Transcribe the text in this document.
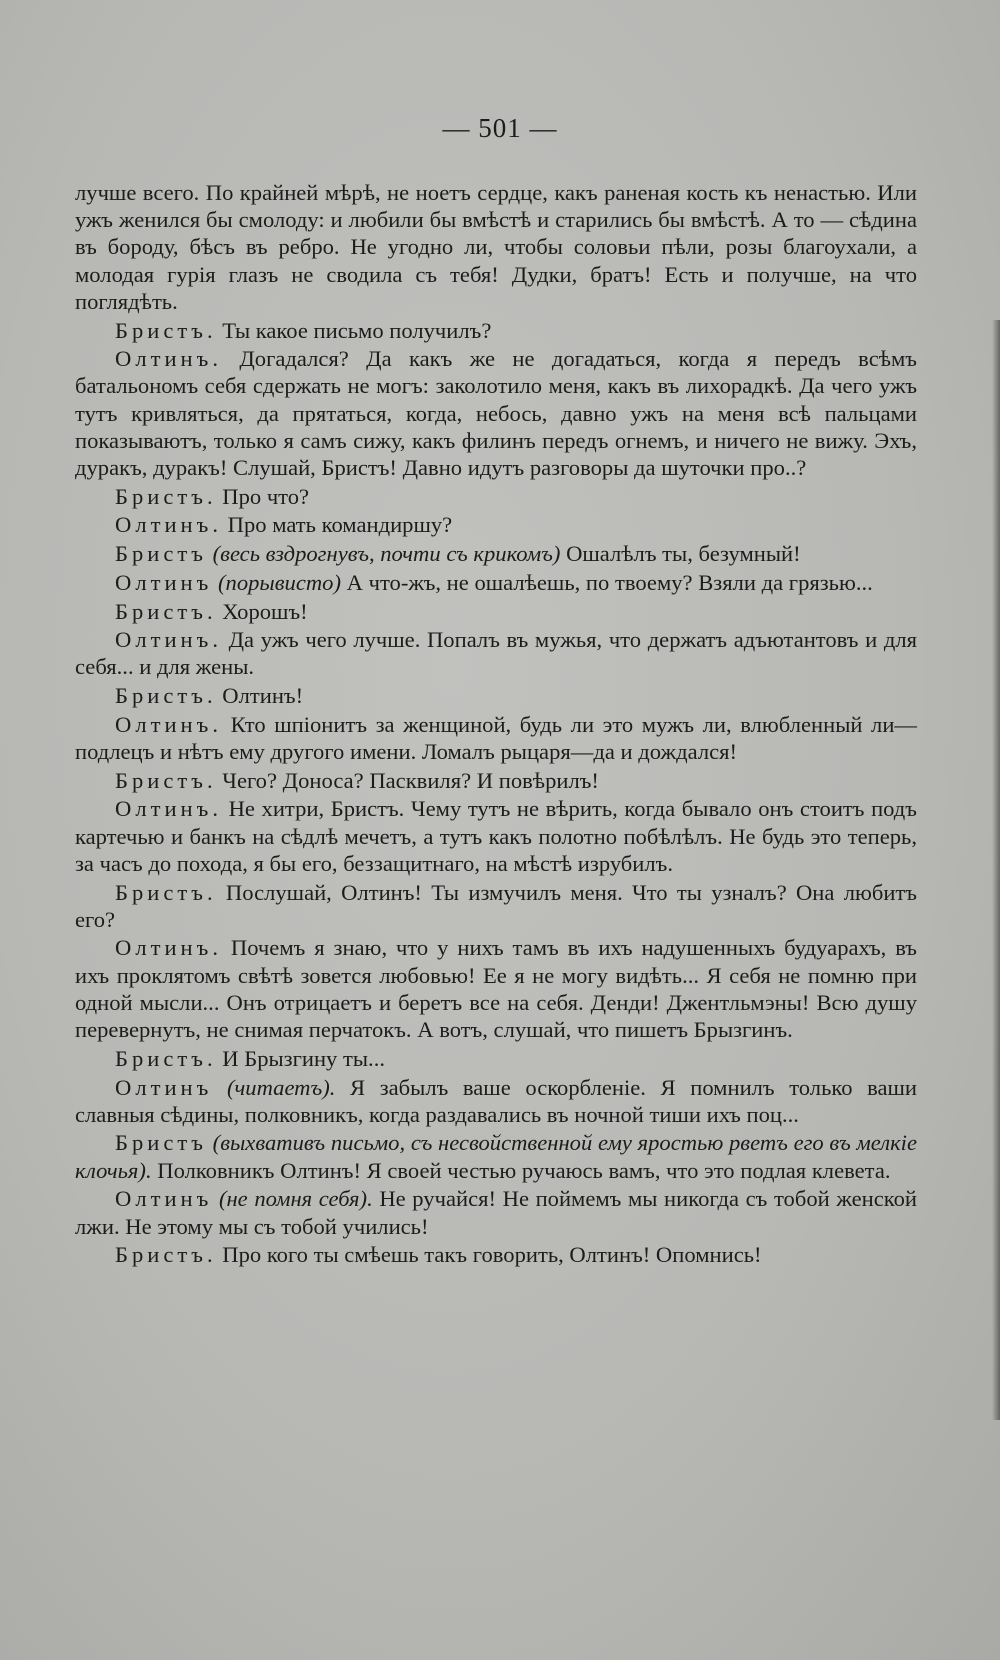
— 501 —

лучше всего. По крайней мѣрѣ, не ноетъ сердце, какъ раненая кость къ ненастью. Или ужъ женился бы смолоду: и любили бы вмѣстѣ и старились бы вмѣстѣ. А то — сѣдина въ бороду, бѣсъ въ ребро. Не угодно ли, чтобы соловьи пѣли, розы благоухали, а молодая гурія глазъ не сводила съ тебя! Дудки, братъ! Есть и получше, на что поглядѣть.

Бристъ. Ты какое письмо получилъ?

Олтинъ. Догадался? Да какъ же не догадаться, когда я передъ всѣмъ батальономъ себя сдержать не могъ: заколотило меня, какъ въ лихорадкѣ. Да чего ужъ тутъ кривляться, да прятаться, когда, небось, давно ужъ на меня всѣ пальцами показываютъ, только я самъ сижу, какъ филинъ передъ огнемъ, и ничего не вижу. Эхъ, дуракъ, дуракъ! Слушай, Бристъ! Давно идутъ разговоры да шуточки про..?

Бристъ. Про что?

Олтинъ. Про мать командиршу?

Бристъ (весь вздрогнувъ, почти съ крикомъ) Ошалѣлъ ты, безумный!

Олтинъ (порывисто) А что-жъ, не ошалѣешь, по твоему? Взяли да грязью...

Бристъ. Хорошъ!

Олтинъ. Да ужъ чего лучше. Попалъ въ мужья, что держатъ адъютантовъ и для себя... и для жены.

Бристъ. Олтинъ!

Олтинъ. Кто шпіонитъ за женщиной, будь ли это мужъ ли, влюбленный ли—подлецъ и нѣтъ ему другого имени. Ломалъ рыцаря—да и дождался!

Бристъ. Чего? Доноса? Пасквиля? И повѣрилъ!

Олтинъ. Не хитри, Бристъ. Чему тутъ не вѣрить, когда бывало онъ стоитъ подъ картечью и банкъ на сѣдлѣ мечетъ, а тутъ какъ полотно побѣлѣлъ. Не будь это теперь, за часъ до похода, я бы его, беззащитнаго, на мѣстѣ изрубилъ.

Бристъ. Послушай, Олтинъ! Ты измучилъ меня. Что ты узналъ? Она любитъ его?

Олтинъ. Почемъ я знаю, что у нихъ тамъ въ ихъ надушенныхъ будуарахъ, въ ихъ проклятомъ свѣтѣ зовется любовью! Ее я не могу видѣть... Я себя не помню при одной мысли... Онъ отрицаетъ и беретъ все на себя. Денди! Джентльмэны! Всю душу перевернутъ, не снимая перчатокъ. А вотъ, слушай, что пишетъ Брызгинъ.

Бристъ. И Брызгину ты...

Олтинъ (читаетъ). Я забылъ ваше оскорбленіе. Я помнилъ только ваши славныя сѣдины, полковникъ, когда раздавались въ ночной тиши ихъ поц...

Бристъ (выхвативъ письмо, съ несвойственной ему яростью рветъ его въ мелкіе клочья). Полковникъ Олтинъ! Я своей честью ручаюсь вамъ, что это подлая клевета.

Олтинъ (не помня себя). Не ручайся! Не поймемъ мы никогда съ тобой женской лжи. Не этому мы съ тобой учились!

Бристъ. Про кого ты смѣешь такъ говорить, Олтинъ! Опомнись!
